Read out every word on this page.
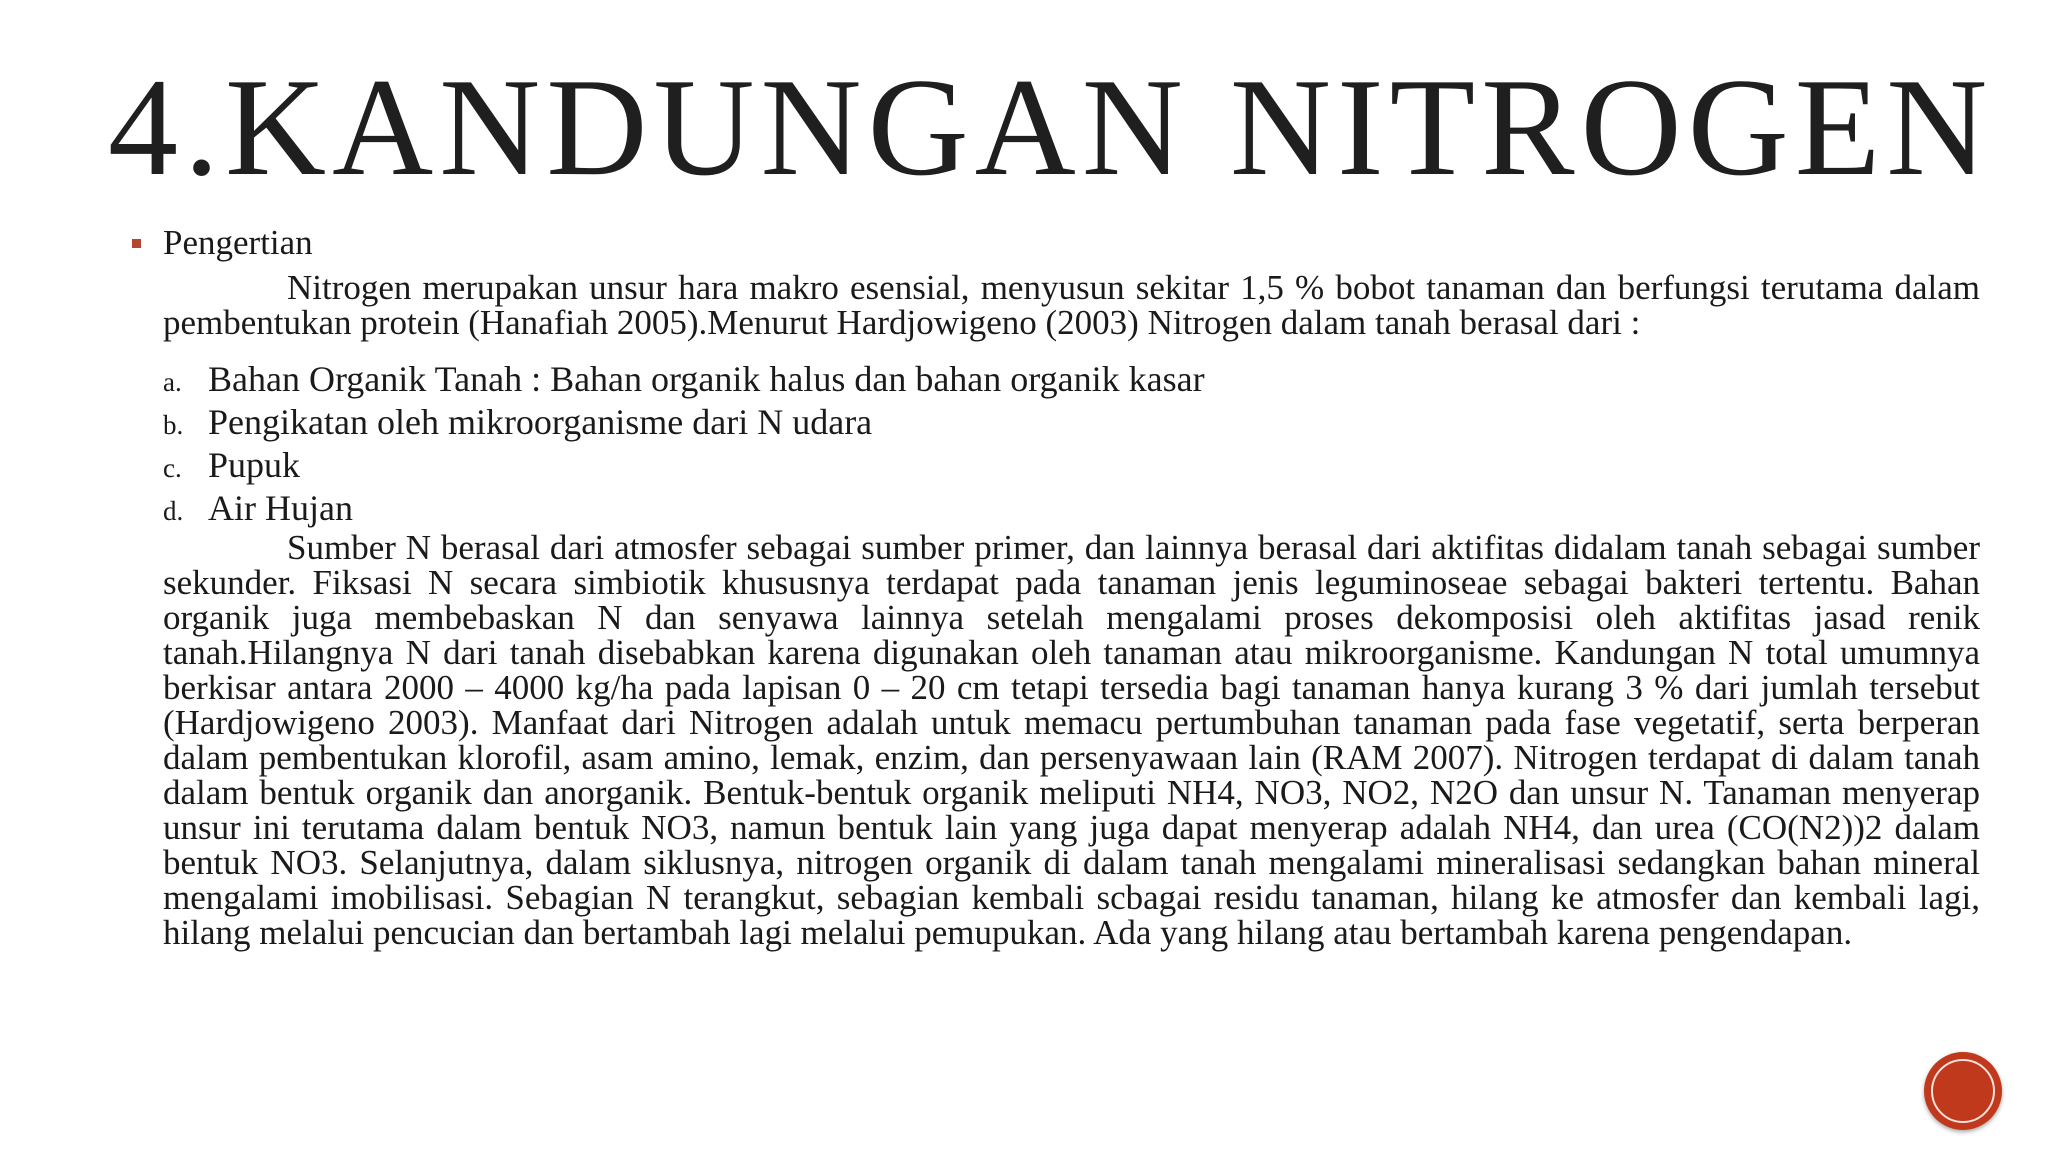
4.KANDUNGAN NITROGEN
Pengertian

Nitrogen merupakan unsur hara makro esensial, menyusun sekitar 1,5 % bobot tanaman dan berfungsi terutama dalam pembentukan protein (Hanafiah 2005).Menurut Hardjowigeno (2003) Nitrogen dalam tanah berasal dari :

a. Bahan Organik Tanah : Bahan organik halus dan bahan organik kasar
b. Pengikatan oleh mikroorganisme dari N udara
c. Pupuk
d. Air Hujan

Sumber N berasal dari atmosfer sebagai sumber primer, dan lainnya berasal dari aktifitas didalam tanah sebagai sumber sekunder. Fiksasi N secara simbiotik khususnya terdapat pada tanaman jenis leguminoseae sebagai bakteri tertentu. Bahan organik juga membebaskan N dan senyawa lainnya setelah mengalami proses dekomposisi oleh aktifitas jasad renik tanah.Hilangnya N dari tanah disebabkan karena digunakan oleh tanaman atau mikroorganisme. Kandungan N total umumnya berkisar antara 2000 – 4000 kg/ha pada lapisan 0 – 20 cm tetapi tersedia bagi tanaman hanya kurang 3 % dari jumlah tersebut (Hardjowigeno 2003). Manfaat dari Nitrogen adalah untuk memacu pertumbuhan tanaman pada fase vegetatif, serta berperan dalam pembentukan klorofil, asam amino, lemak, enzim, dan persenyawaan lain (RAM 2007). Nitrogen terdapat di dalam tanah dalam bentuk organik dan anorganik. Bentuk-bentuk organik meliputi NH4, NO3, NO2, N2O dan unsur N. Tanaman menyerap unsur ini terutama dalam bentuk NO3, namun bentuk lain yang juga dapat menyerap adalah NH4, dan urea (CO(N2))2 dalam bentuk NO3. Selanjutnya, dalam siklusnya, nitrogen organik di dalam tanah mengalami mineralisasi sedangkan bahan mineral mengalami imobilisasi. Sebagian N terangkut, sebagian kembali scbagai residu tanaman, hilang ke atmosfer dan kembali lagi, hilang melalui pencucian dan bertambah lagi melalui pemupukan. Ada yang hilang atau bertambah karena pengendapan.
